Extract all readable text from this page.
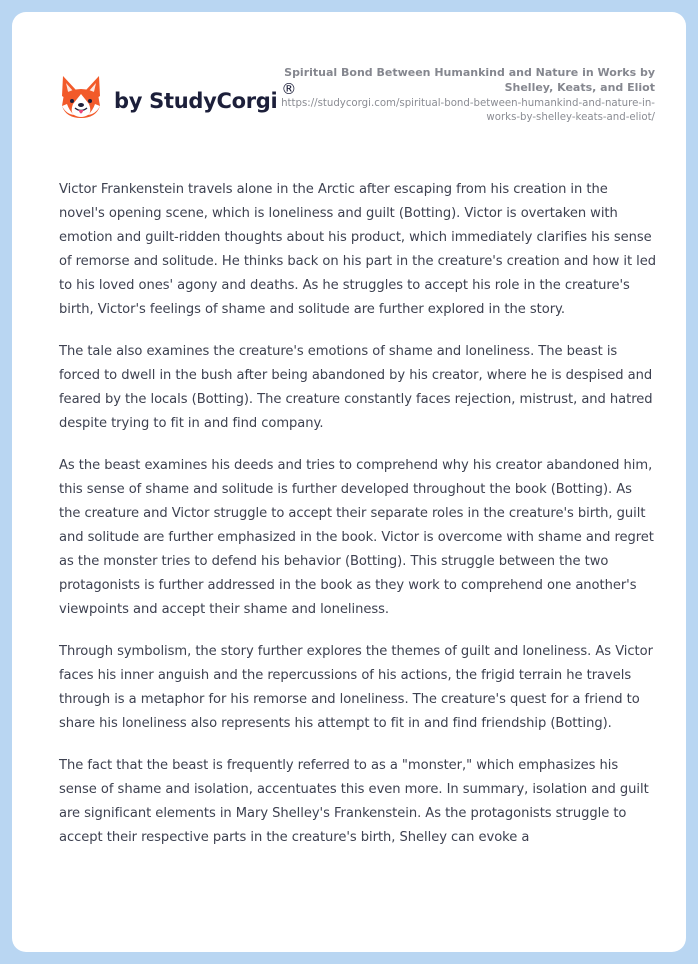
by StudyCorgi ®
Spiritual Bond Between Humankind and Nature in Works by Shelley, Keats, and Eliot
https://studycorgi.com/spiritual-bond-between-humankind-and-nature-in-works-by-shelley-keats-and-eliot/

Victor Frankenstein travels alone in the Arctic after escaping from his creation in the novel's opening scene, which is loneliness and guilt (Botting). Victor is overtaken with emotion and guilt-ridden thoughts about his product, which immediately clarifies his sense of remorse and solitude. He thinks back on his part in the creature's creation and how it led to his loved ones' agony and deaths. As he struggles to accept his role in the creature's birth, Victor's feelings of shame and solitude are further explored in the story.

The tale also examines the creature's emotions of shame and loneliness. The beast is forced to dwell in the bush after being abandoned by his creator, where he is despised and feared by the locals (Botting). The creature constantly faces rejection, mistrust, and hatred despite trying to fit in and find company.

As the beast examines his deeds and tries to comprehend why his creator abandoned him, this sense of shame and solitude is further developed throughout the book (Botting). As the creature and Victor struggle to accept their separate roles in the creature's birth, guilt and solitude are further emphasized in the book. Victor is overcome with shame and regret as the monster tries to defend his behavior (Botting). This struggle between the two protagonists is further addressed in the book as they work to comprehend one another's viewpoints and accept their shame and loneliness.

Through symbolism, the story further explores the themes of guilt and loneliness. As Victor faces his inner anguish and the repercussions of his actions, the frigid terrain he travels through is a metaphor for his remorse and loneliness. The creature's quest for a friend to share his loneliness also represents his attempt to fit in and find friendship (Botting).

The fact that the beast is frequently referred to as a "monster," which emphasizes his sense of shame and isolation, accentuates this even more. In summary, isolation and guilt are significant elements in Mary Shelley's Frankenstein. As the protagonists struggle to accept their respective parts in the creature's birth, Shelley can evoke a
